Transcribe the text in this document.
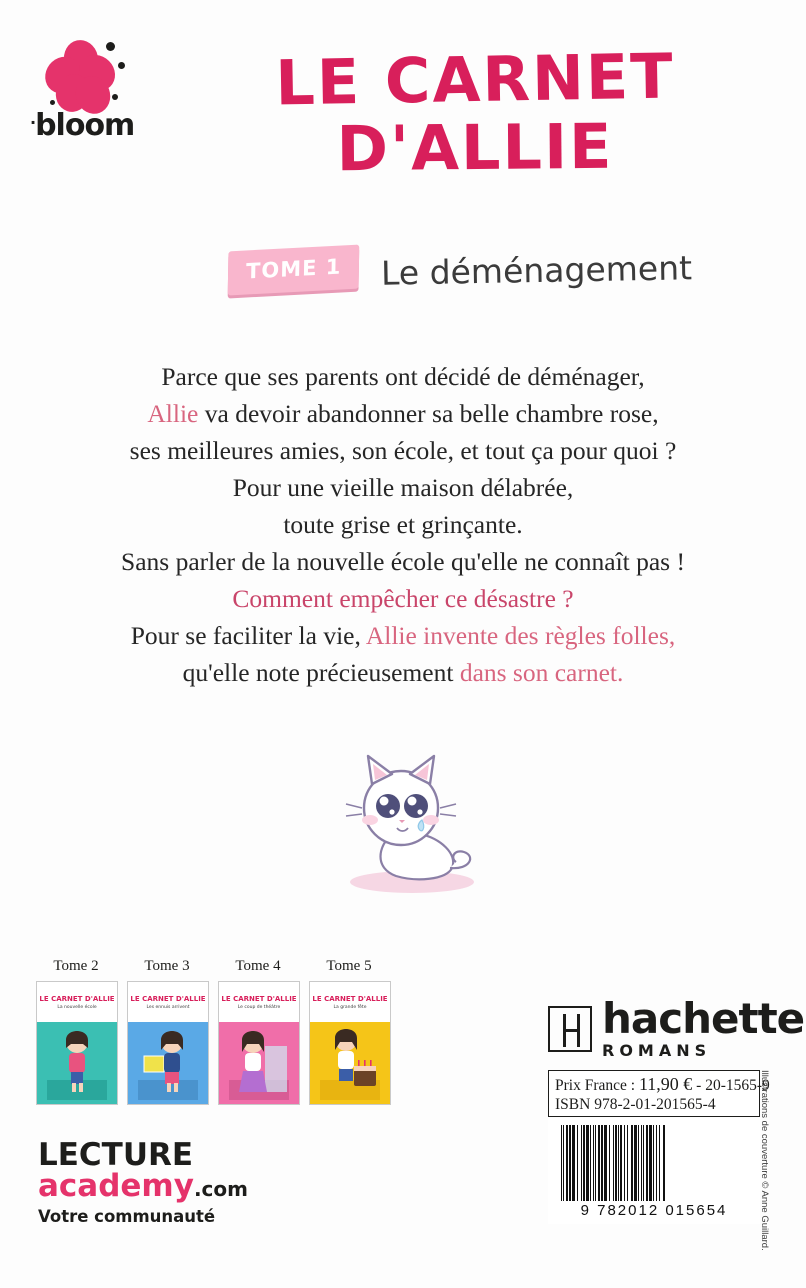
.bloom
LE CARNET
D'ALLIE
TOME 1	Le déménagement
Parce que ses parents ont décidé de déménager,
Allie va devoir abandonner sa belle chambre rose,
ses meilleures amies, son école, et tout ça pour quoi ?
Pour une vieille maison délabrée,
toute grise et grinçante.
Sans parler de la nouvelle école qu'elle ne connaît pas !
Comment empêcher ce désastre ?
Pour se faciliter la vie, Allie invente des règles folles,
qu'elle note précieusement dans son carnet.
Tome 2
LE CARNET D'ALLIE
La nouvelle école
Tome 3
LE CARNET D'ALLIE
Les ennuis arrivent
Tome 4
LE CARNET D'ALLIE
Le coup de théâtre
Tome 5
LE CARNET D'ALLIE
La grande fête
LECTURE
academy.com
Votre communauté
hachette
ROMANS
Prix France : 11,90 € - 20-1565-9
ISBN 978-2-01-201565-4
9 782012 015654	Illustrations de couverture © Anne Guillard.
